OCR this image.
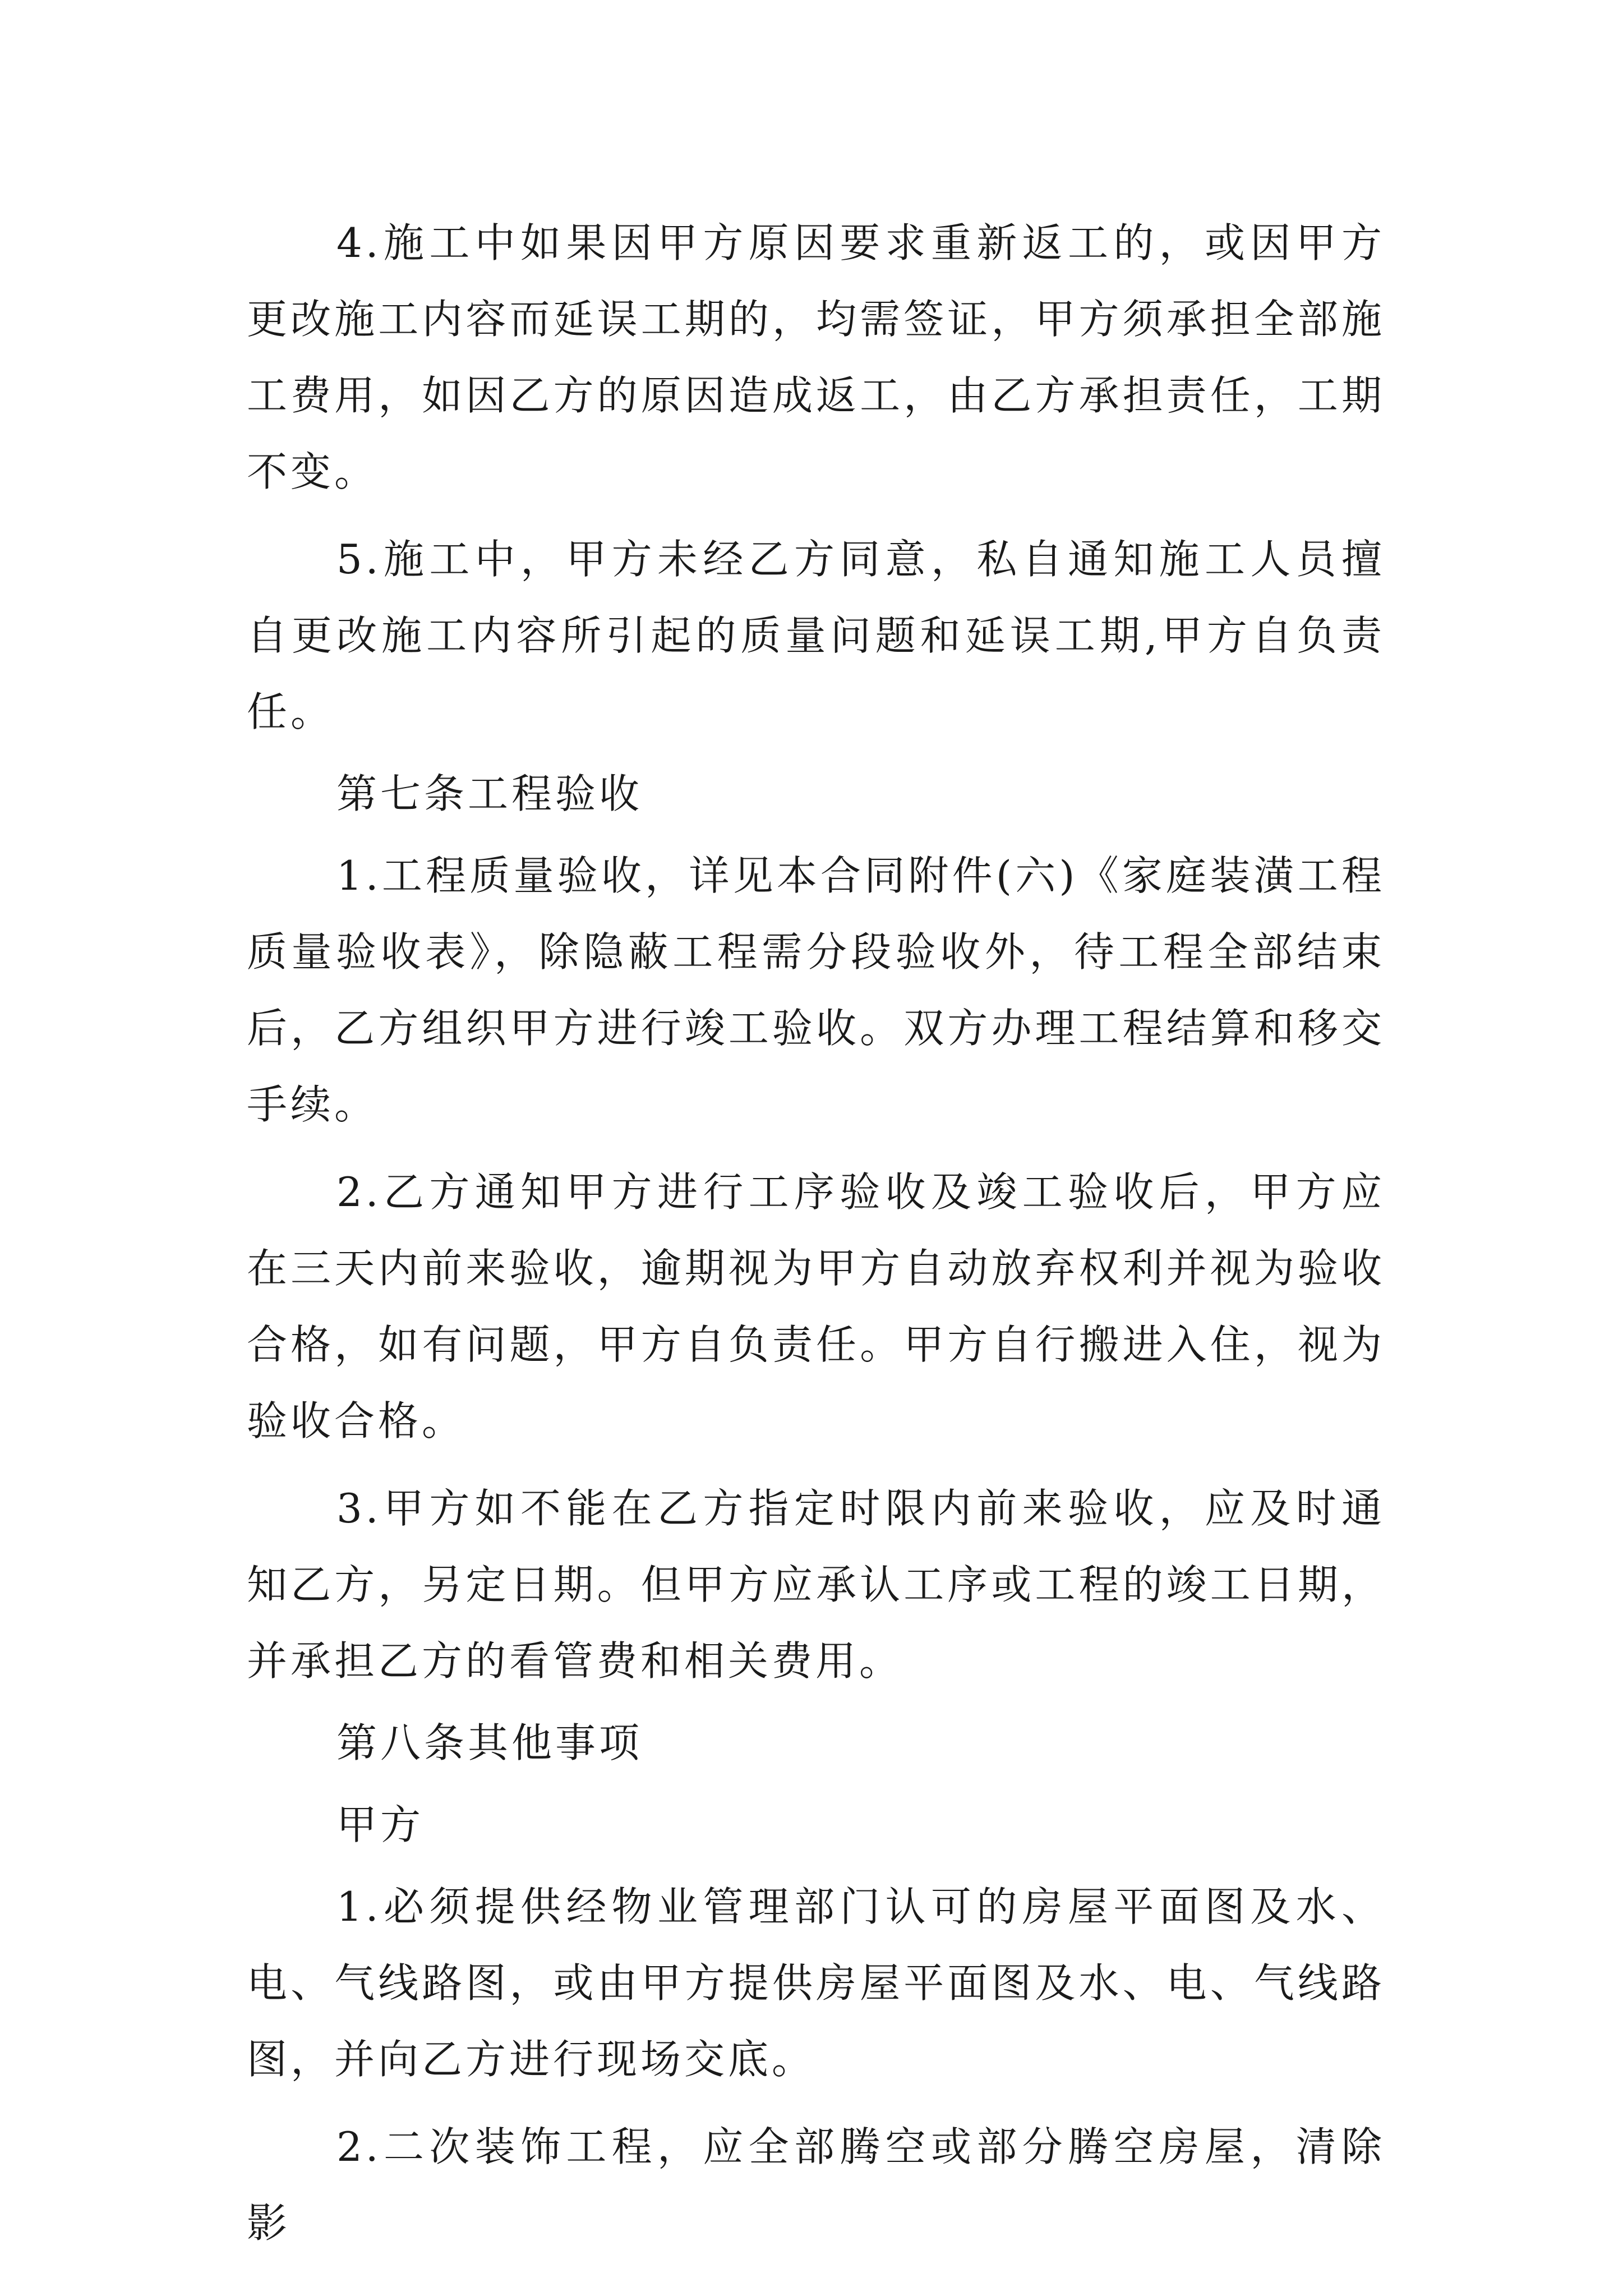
4.施工中如果因甲方原因要求重新返工的，或因甲方更改施工内容而延误工期的，均需签证，甲方须承担全部施工费用，如因乙方的原因造成返工，由乙方承担责任，工期不变。

5.施工中，甲方未经乙方同意，私自通知施工人员擅自更改施工内容所引起的质量问题和延误工期,甲方自负责任。

第七条工程验收

1.工程质量验收，详见本合同附件(六)《家庭装潢工程质量验收表》，除隐蔽工程需分段验收外，待工程全部结束后，乙方组织甲方进行竣工验收。双方办理工程结算和移交手续。

2.乙方通知甲方进行工序验收及竣工验收后，甲方应在三天内前来验收，逾期视为甲方自动放弃权利并视为验收合格，如有问题，甲方自负责任。甲方自行搬进入住，视为验收合格。

3.甲方如不能在乙方指定时限内前来验收，应及时通知乙方，另定日期。但甲方应承认工序或工程的竣工日期，并承担乙方的看管费和相关费用。

第八条其他事项

甲方

1.必须提供经物业管理部门认可的房屋平面图及水、电、气线路图，或由甲方提供房屋平面图及水、电、气线路图，并向乙方进行现场交底。

2.二次装饰工程，应全部腾空或部分腾空房屋，清除影
